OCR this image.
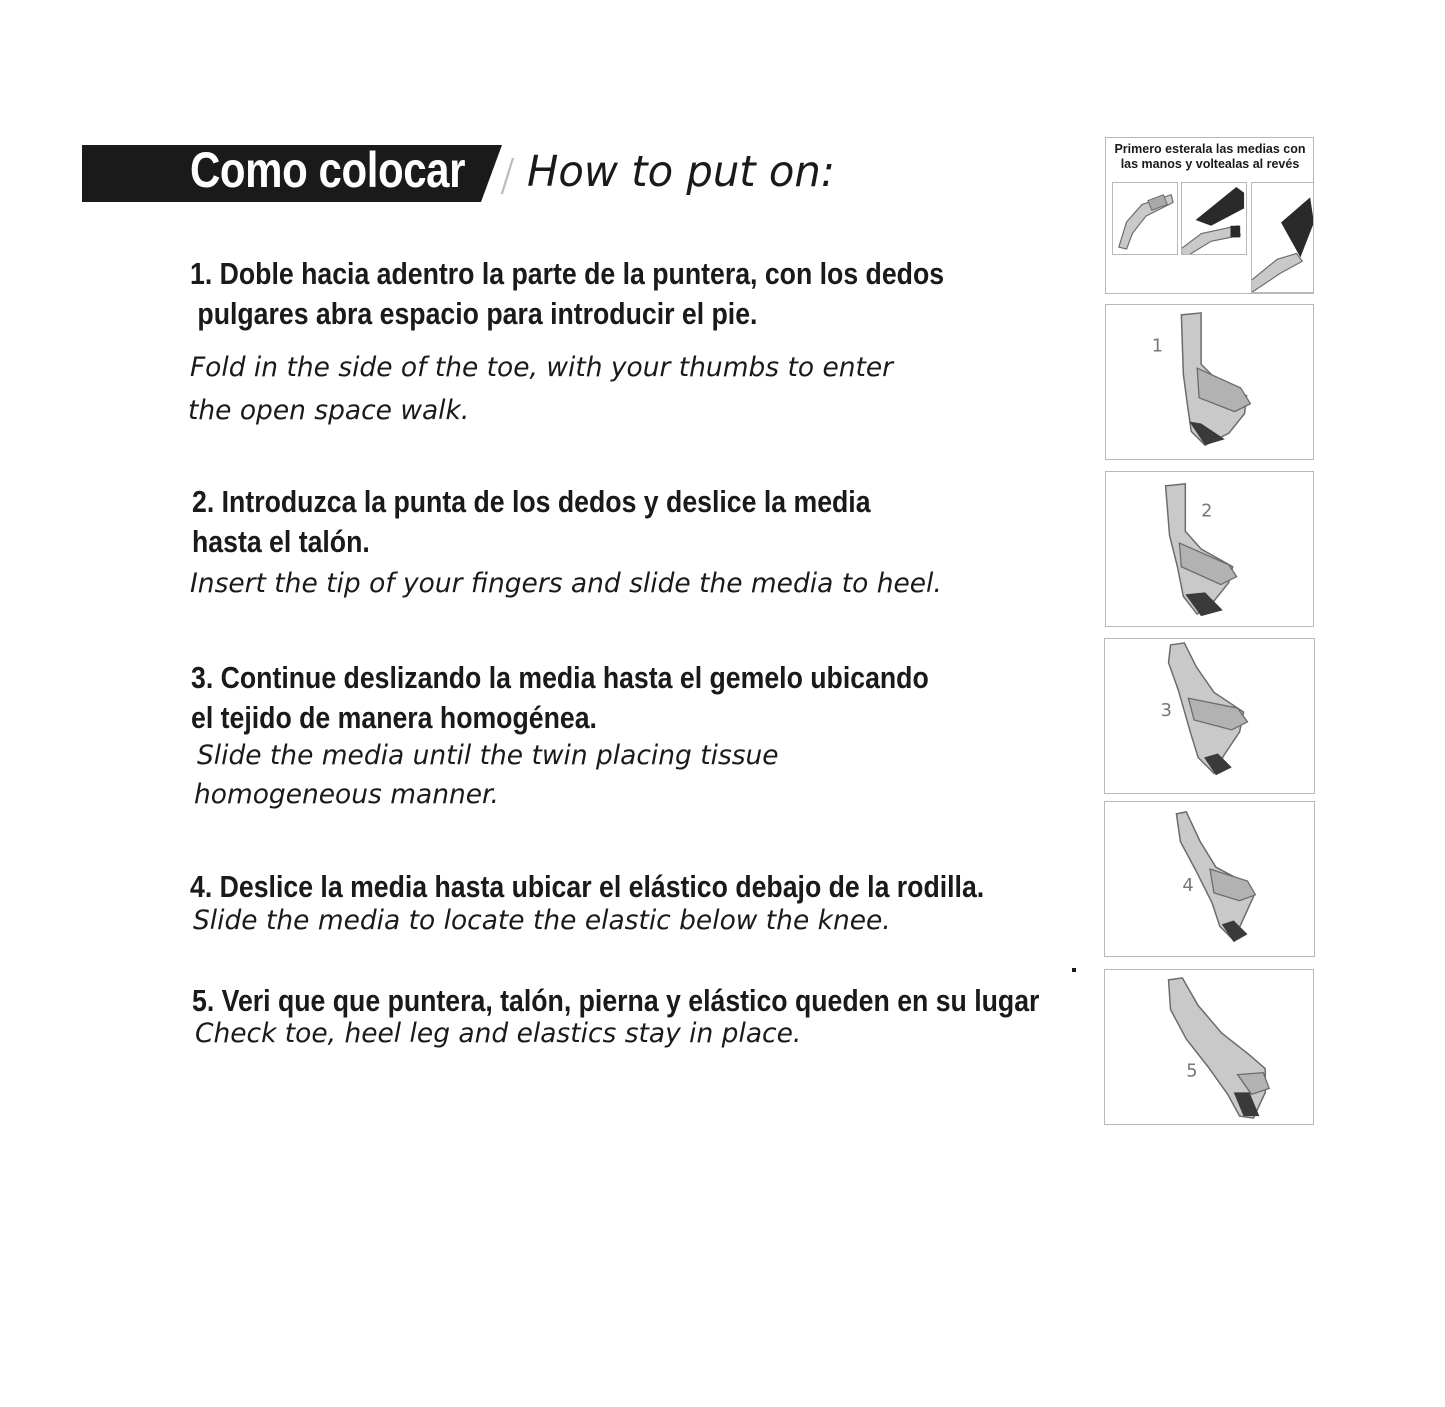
Como colocar / How to put on:
1. Doble hacia adentro la parte de la puntera, con los dedos
pulgares abra espacio para introducir el pie.
Fold in the side of the toe, with your thumbs to enter
the open space walk.
2. Introduzca la punta de los dedos y deslice la media
hasta el talón.
Insert the tip of your fingers and slide the media to heel.
3. Continue deslizando la media hasta el gemelo ubicando
el tejido de manera homogénea.
Slide the media until the twin placing tissue
homogeneous manner.
4. Deslice la media hasta ubicar el elástico debajo de la rodilla.
Slide the media to locate the elastic below the knee.
5. Veri que que puntera, talón, pierna y elástico queden en su lugar
Check toe, heel leg and elastics stay in place.
Primero esterala las medias con las manos y voltealas al revés
1
2
3
4
5
